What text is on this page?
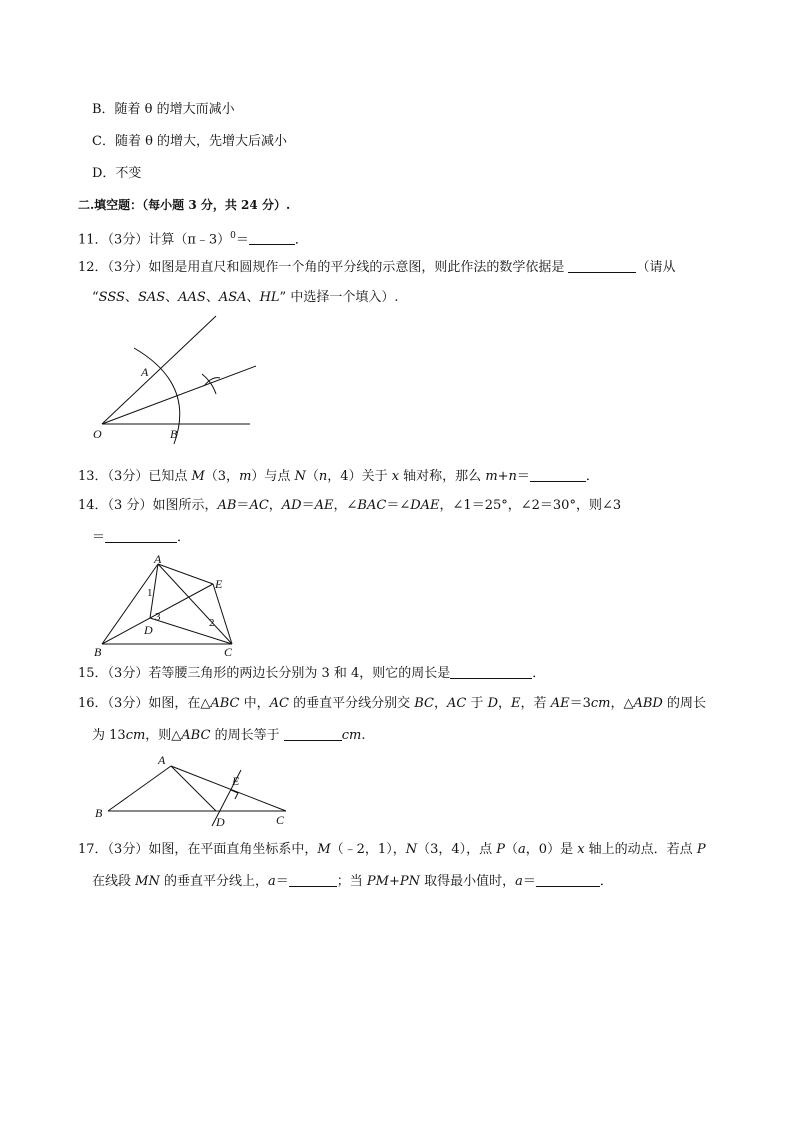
B．随着 θ 的增大而减小
C．随着 θ 的增大，先增大后减小
D．不变
二.填空题：（每小题 3 分，共 24 分）.
11．（3分）计算（π﹣3）$^0$＝	．
12．（3分）如图是用直尺和圆规作一个角的平分线的示意图，则此作法的数学依据是	（请从
“SSS、SAS、AAS、ASA、HL” 中选择一个填入）.
A
B
O
13．（3分）已知点 M（3，m）与点 N（n，4）关于 x 轴对称，那么 m+n＝	．
14．（3 分）如图所示，AB＝AC，AD＝AE，∠BAC＝∠DAE，∠1＝25°，∠2＝30°，则∠3
＝	．
A
B	C
D
E
1
2
3
15．（3分）若等腰三角形的两边长分别为 3 和 4，则它的周长是	．
16．（3分）如图，在△ABC 中，AC 的垂直平分线分别交 BC，AC 于 D，E，若 AE＝3cm，△ABD 的周长
为 13cm，则△ABC 的周长等于	cm.
A
B	C
D
E
17．（3分）如图，在平面直角坐标系中，M（﹣2，1），N（3，4），点 P（a，0）是 x 轴上的动点．若点 P
在线段 MN 的垂直平分线上，a＝	；当 PM+PN 取得最小值时，a＝	．
